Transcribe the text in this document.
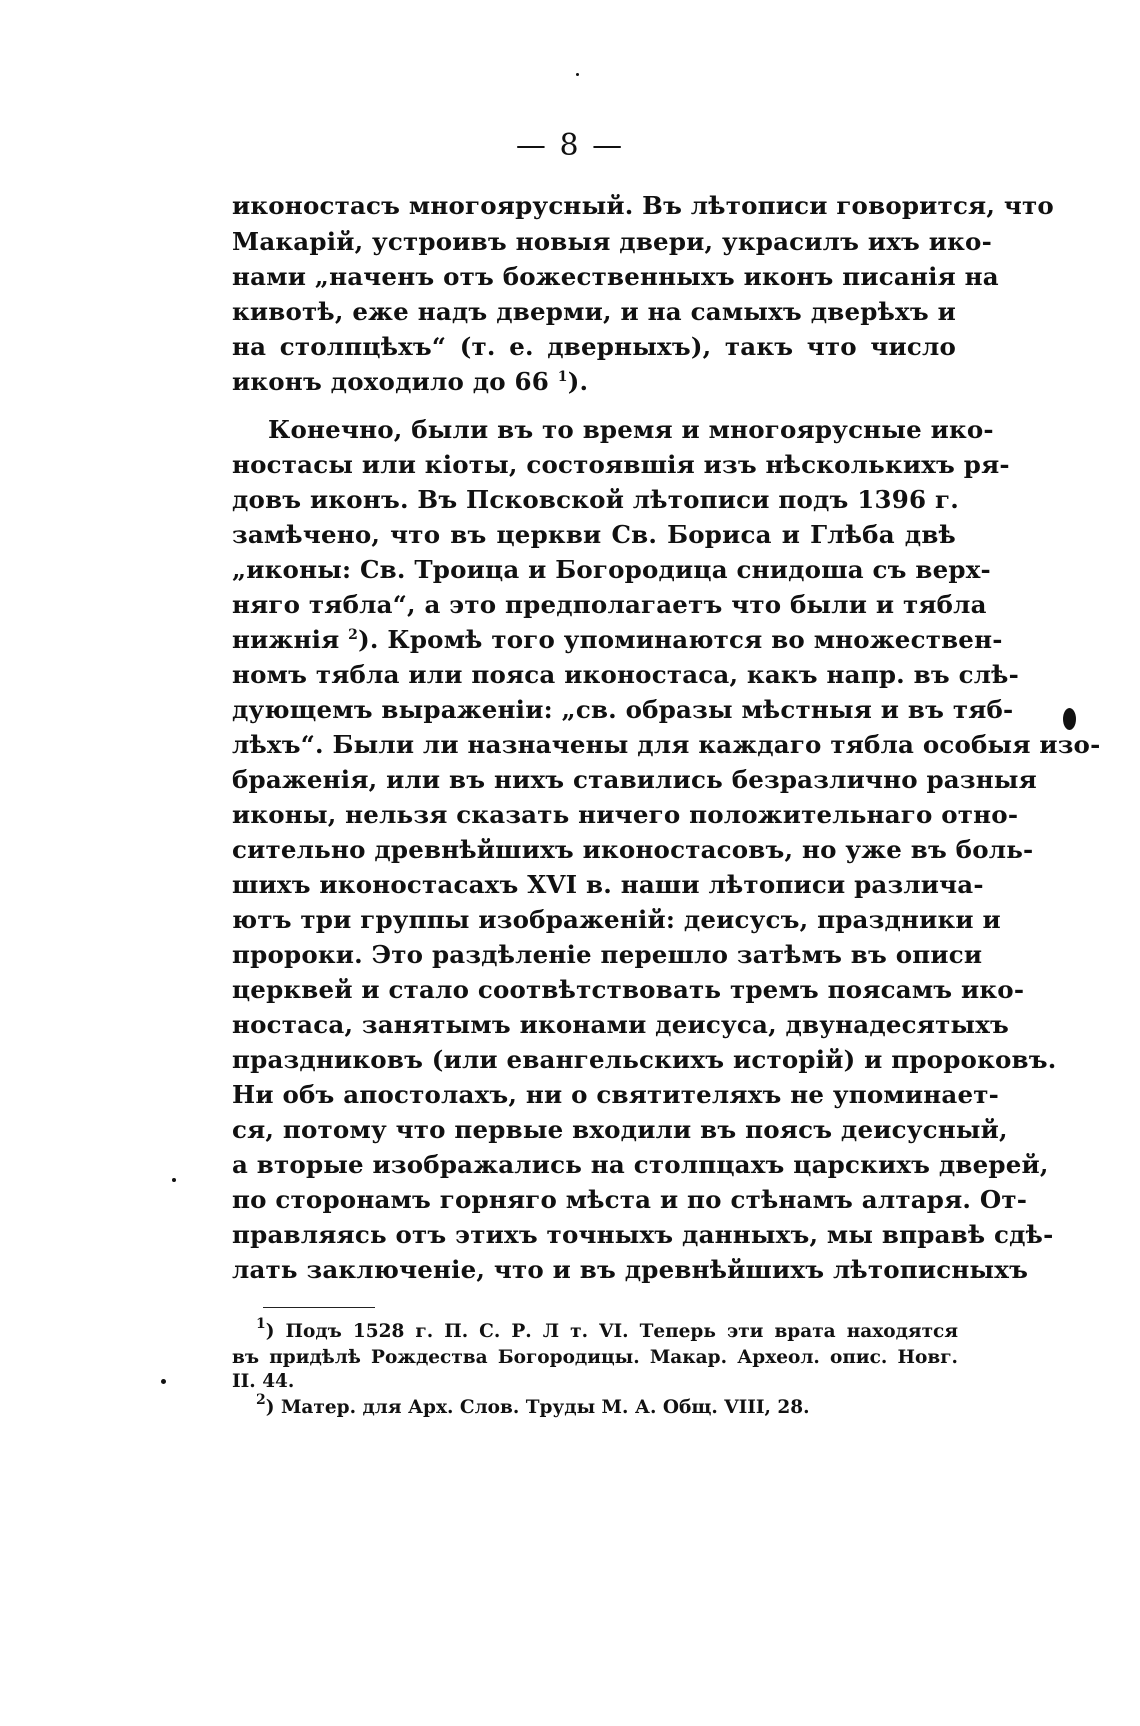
— 8 —
иконостасъ многоярусный. Въ лѣтописи говорится, что
Макарій, устроивъ новыя двери, украсилъ ихъ ико-
нами „наченъ отъ божественныхъ иконъ писанія на
кивотѣ, еже надъ дверми, и на самыхъ дверѣхъ и
на столпцѣхъ“ (т. е. дверныхъ), такъ что число
иконъ доходило до 66 $^1$).
Конечно, были въ то время и многоярусные ико-
ностасы или кіоты, состоявшія изъ нѣсколькихъ ря-
довъ иконъ. Въ Псковской лѣтописи подъ 1396 г.
замѣчено, что въ церкви Св. Бориса и Глѣба двѣ
„иконы: Св. Троица и Богородица снидоша съ верх-
няго тябла“, а это предполагаетъ что были и тябла
нижнія $^2$). Кромѣ того упоминаются во множествен-
номъ тябла или пояса иконостаса, какъ напр. въ слѣ-
дующемъ выраженіи: „св. образы мѣстныя и въ тяб-
лѣхъ“. Были ли назначены для каждаго тябла особыя изо-
браженія, или въ нихъ ставились безразлично разныя
иконы, нельзя сказать ничего положительнаго отно-
сительно древнѣйшихъ иконостасовъ, но уже въ боль-
шихъ иконостасахъ XVI в. наши лѣтописи различа-
ютъ три группы изображеній: деисусъ, праздники и
пророки. Это раздѣленіе перешло затѣмъ въ описи
церквей и стало соотвѣтствовать тремъ поясамъ ико-
ностаса, занятымъ иконами деисуса, двунадесятыхъ
праздниковъ (или евангельскихъ исторій) и пророковъ.
Ни объ апостолахъ, ни о святителяхъ не упоминает-
ся, потому что первые входили въ поясъ деисусный,
а вторые изображались на столпцахъ царскихъ дверей,
по сторонамъ горняго мѣста и по стѣнамъ алтаря. От-
правляясь отъ этихъ точныхъ данныхъ, мы вправѣ сдѣ-
лать заключеніе, что и въ древнѣйшихъ лѣтописныхъ
$^1$) Подъ 1528 г. П. С. Р. Л т. VI. Теперь эти врата находятся
въ придѣлѣ Рождества Богородицы. Макар. Археол. опис. Новг.
II. 44.
$^2$) Матер. для Арх. Слов. Труды М. А. Общ. VIII, 28.
